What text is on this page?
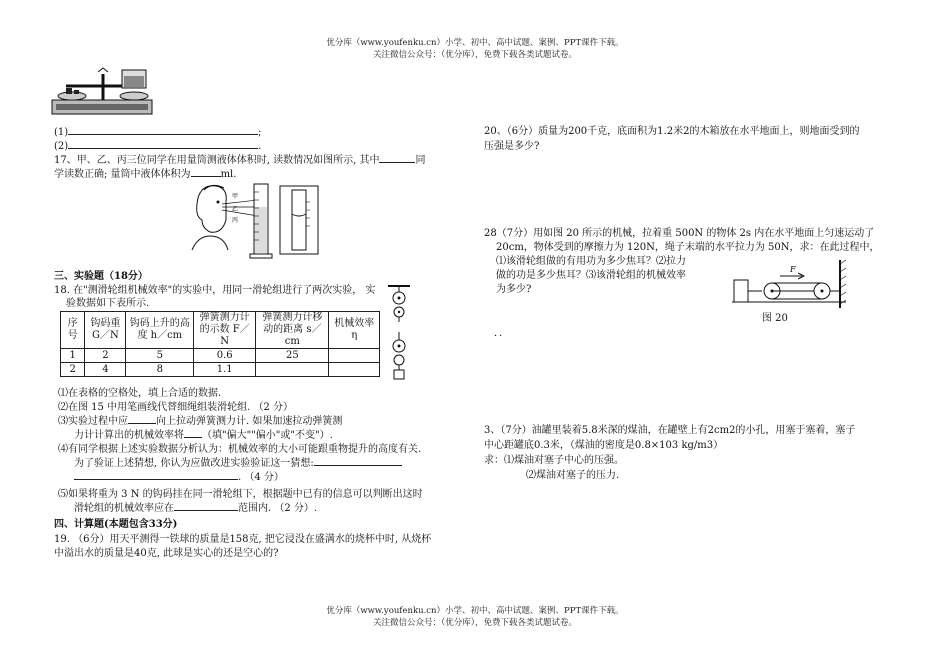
优分库（www.youfenku.cn）小学、初中、高中试题、案例、PPT课件下载。
关注微信公众号：（优分库），免费下载各类试题试卷。
(1)	;
(2)	.
17、甲、乙、丙三位同学在用量筒测液体体积时, 读数情况如图所示, 其中	同
学读数正确; 量筒中液体体积为	ml.
甲
乙
丙
三、实验题（18分）
18. 在"测滑轮组机械效率"的实验中，用同一滑轮组进行了两次实验， 实
验数据如下表所示.
序号	钩码重 G／N	钩码上升的高度 h／cm	弹簧测力计的示数 F／N	弹簧测力计移动的距离 s／cm	机械效率 η
1	2	5	0.6	25	
2	4	8	1.1		
⑴在表格的空格处，填上合适的数据.
⑵在图 15 中用笔画线代替细绳组装滑轮组. （2 分）
⑶实验过程中应	向上拉动弹簧测力计. 如果加速拉动弹簧测
力计计算出的机械效率将 （填"偏大""偏小"或"不变"）.
⑷有同学根据上述实验数据分析认为：机械效率的大小可能跟重物提升的高度有关.
为了验证上述猜想, 你认为应做改进实验验证这一猜想:
. （4 分）
⑸如果将重为 3 N 的钩码挂在同一滑轮组下，根据题中已有的信息可以判断出这时
滑轮组的机械效率应在	范围内. （2 分）.
四、计算题(本题包含33分)
19. （6分）用天平测得一铁球的质量是158克, 把它浸没在盛满水的烧杯中时, 从烧杯
中溢出水的质量是40克, 此球是实心的还是空心的?
20、（6分）质量为200千克，底面积为1.2米2的木箱放在水平地面上，则地面受到的
压强是多少?
28（7分）用如图 20 所示的机械，拉着重 500N 的物体 2s 内在水平地面上匀速运动了
20cm，物体受到的摩擦力为 120N，绳子末端的水平拉力为 50N，求：在此过程中，
⑴该滑轮组做的有用功为多少焦耳？⑵拉力
做的功是多少焦耳？⑶该滑轮组的机械效率
为多少?
F
图 20
．．
3、（7分）油罐里装着5.8米深的煤油，在罐壁上有2cm2的小孔，用塞于塞着，塞子
中心距罐底0.3米，（煤油的密度是0.8×103 kg/m3）
求：⑴煤油对塞子中心的压强。
⑵煤油对塞子的压力.
优分库（www.youfenku.cn）小学、初中、高中试题、案例、PPT课件下载。
关注微信公众号：（优分库），免费下载各类试题试卷。
